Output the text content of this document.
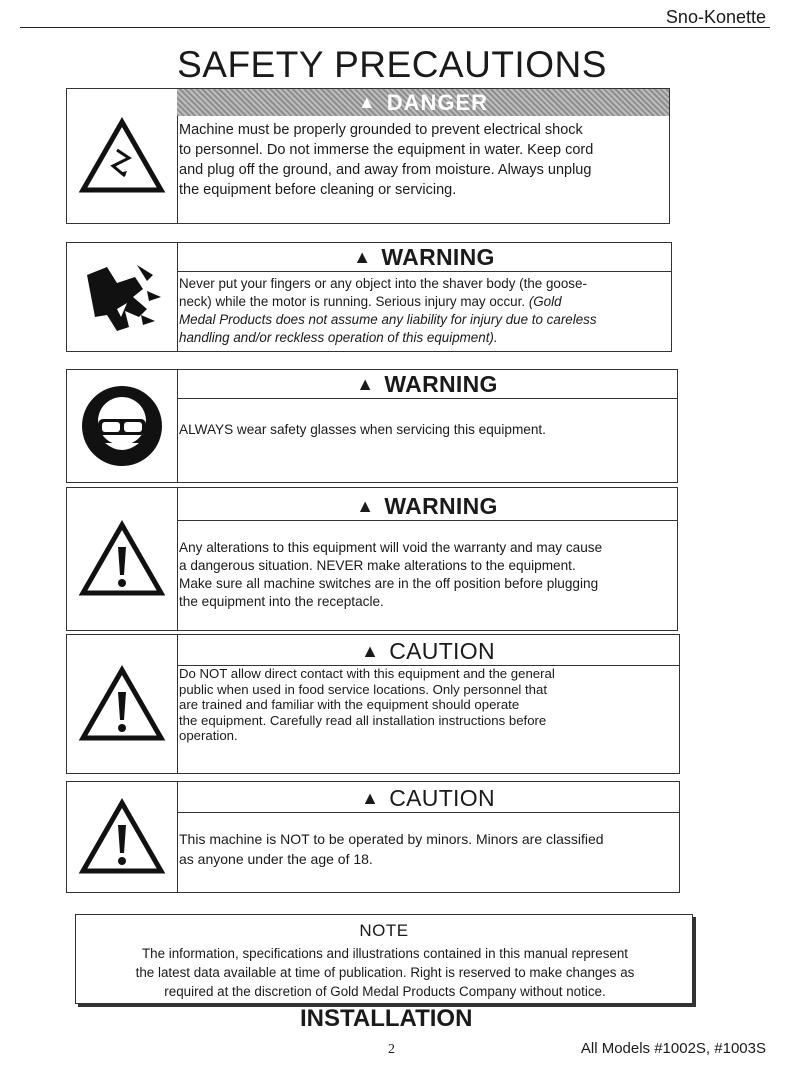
Sno-Konette
SAFETY PRECAUTIONS
▲ DANGER
Machine must be properly grounded to prevent electrical shock
to personnel. Do not immerse the equipment in water. Keep cord
and plug off the ground, and away from moisture. Always unplug
the equipment before cleaning or servicing.
▲ WARNING
Never put your fingers or any object into the shaver body (the goose-
neck) while the motor is running. Serious injury may occur. (Gold
Medal Products does not assume any liability for injury due to careless
handling and/or reckless operation of this equipment).
▲ WARNING
ALWAYS wear safety glasses when servicing this equipment.
▲ WARNING
Any alterations to this equipment will void the warranty and may cause
a dangerous situation. NEVER make alterations to the equipment.
Make sure all machine switches are in the off position before plugging
the equipment into the receptacle.
▲ CAUTION
Do NOT allow direct contact with this equipment and the general
public when used in food service locations. Only personnel that
are trained and familiar with the equipment should operate
the equipment. Carefully read all installation instructions before
operation.
▲ CAUTION
This machine is NOT to be operated by minors. Minors are classified
as anyone under the age of 18.
NOTE
The information, specifications and illustrations contained in this manual represent
the latest data available at time of publication. Right is reserved to make changes as
required at the discretion of Gold Medal Products Company without notice.
INSTALLATION
2	All Models #1002S, #1003S
